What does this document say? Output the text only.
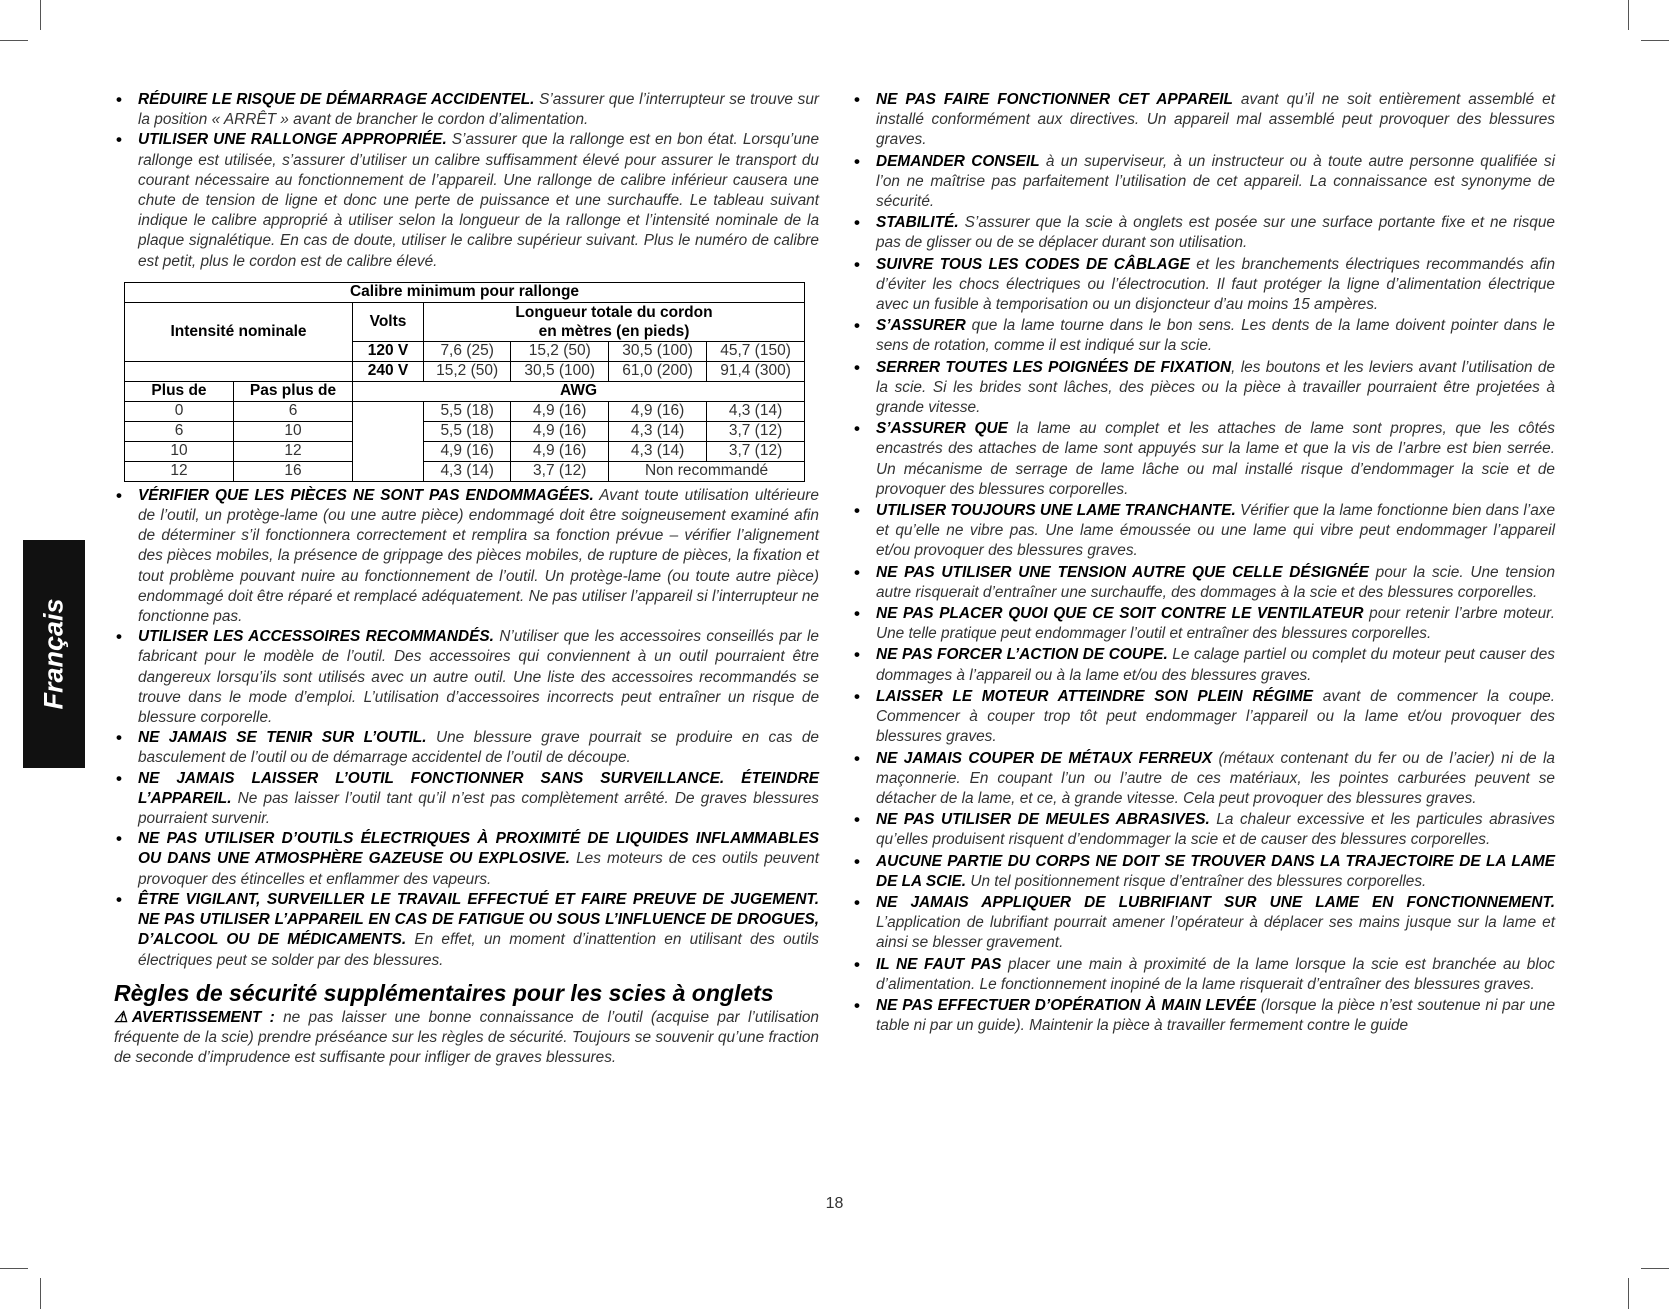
Français
• RÉDUIRE LE RISQUE DE DÉMARRAGE ACCIDENTEL. S’assurer que l’interrupteur se trouve sur la position « ARRÊT » avant de brancher le cordon d’alimentation.
• UTILISER UNE RALLONGE APPROPRIÉE. S’assurer que la rallonge est en bon état. Lorsqu’une rallonge est utilisée, s’assurer d’utiliser un calibre suffisamment élevé pour assurer le transport du courant nécessaire au fonctionnement de l’appareil. Une rallonge de calibre inférieur causera une chute de tension de ligne et donc une perte de puissance et une surchauffe. Le tableau suivant indique le calibre approprié à utiliser selon la longueur de la rallonge et l’intensité nominale de la plaque signalétique. En cas de doute, utiliser le calibre supérieur suivant. Plus le numéro de calibre est petit, plus le cordon est de calibre élevé.
Calibre minimum pour rallonge						
Intensité nominale		Volts	Longueur totale du cordon
en mètres (en pieds)			

		120 V	7,6 (25)	15,2 (50)	30,5 (100)	45,7 (150)
		240 V	15,2 (50)	30,5 (100)	61,0 (200)	91,4 (300)
Plus de	Pas plus de	AWG				
0	6		5,5 (18)	4,9 (16)	4,9 (16)	4,3 (14)
6	10		5,5 (18)	4,9 (16)	4,3 (14)	3,7 (12)
10	12		4,9 (16)	4,9 (16)	4,3 (14)	3,7 (12)
12	16		4,3 (14)	3,7 (12)	Non recommandé	
• VÉRIFIER QUE LES PIÈCES NE SONT PAS ENDOMMAGÉES. Avant toute utilisation ultérieure de l’outil, un protège-lame (ou une autre pièce) endommagé doit être soigneusement examiné afin de déterminer s’il fonctionnera correctement et remplira sa fonction prévue – vérifier l’alignement des pièces mobiles, la présence de grippage des pièces mobiles, de rupture de pièces, la fixation et tout problème pouvant nuire au fonctionnement de l’outil. Un protège-lame (ou toute autre pièce) endommagé doit être réparé et remplacé adéquatement. Ne pas utiliser l’appareil si l’interrupteur ne fonctionne pas.
• UTILISER LES ACCESSOIRES RECOMMANDÉS. N’utiliser que les accessoires conseillés par le fabricant pour le modèle de l’outil. Des accessoires qui conviennent à un outil pourraient être dangereux lorsqu’ils sont utilisés avec un autre outil. Une liste des accessoires recommandés se trouve dans le mode d’emploi. L’utilisation d’accessoires incorrects peut entraîner un risque de blessure corporelle.
• NE JAMAIS SE TENIR SUR L’OUTIL. Une blessure grave pourrait se produire en cas de basculement de l’outil ou de démarrage accidentel de l’outil de découpe.
• NE JAMAIS LAISSER L’OUTIL FONCTIONNER SANS SURVEILLANCE. ÉTEINDRE L’APPAREIL. Ne pas laisser l’outil tant qu’il n’est pas complètement arrêté. De graves blessures pourraient survenir.
• NE PAS UTILISER D’OUTILS ÉLECTRIQUES À PROXIMITÉ DE LIQUIDES INFLAMMABLES OU DANS UNE ATMOSPHÈRE GAZEUSE OU EXPLOSIVE. Les moteurs de ces outils peuvent provoquer des étincelles et enflammer des vapeurs.
• ÊTRE VIGILANT, SURVEILLER LE TRAVAIL EFFECTUÉ ET FAIRE PREUVE DE JUGEMENT. NE PAS UTILISER L’APPAREIL EN CAS DE FATIGUE OU SOUS L’INFLUENCE DE DROGUES, D’ALCOOL OU DE MÉDICAMENTS. En effet, un moment d’inattention en utilisant des outils électriques peut se solder par des blessures.
Règles de sécurité supplémentaires pour les scies à onglets

⚠AVERTISSEMENT : ne pas laisser une bonne connaissance de l’outil (acquise par l’utilisation fréquente de la scie) prendre préséance sur les règles de sécurité. Toujours se souvenir qu’une fraction de seconde d’imprudence est suffisante pour infliger de graves blessures.

• NE PAS FAIRE FONCTIONNER CET APPAREIL avant qu’il ne soit entièrement assemblé et installé conformément aux directives. Un appareil mal assemblé peut provoquer des blessures graves.
• DEMANDER CONSEIL à un superviseur, à un instructeur ou à toute autre personne qualifiée si l’on ne maîtrise pas parfaitement l’utilisation de cet appareil. La connaissance est synonyme de sécurité.
• STABILITÉ. S’assurer que la scie à onglets est posée sur une surface portante fixe et ne risque pas de glisser ou de se déplacer durant son utilisation.
• SUIVRE TOUS LES CODES DE CÂBLAGE et les branchements électriques recommandés afin d’éviter les chocs électriques ou l’électrocution. Il faut protéger la ligne d’alimentation électrique avec un fusible à temporisation ou un disjoncteur d’au moins 15 ampères.
• S’ASSURER que la lame tourne dans le bon sens. Les dents de la lame doivent pointer dans le sens de rotation, comme il est indiqué sur la scie.
• SERRER TOUTES LES POIGNÉES DE FIXATION, les boutons et les leviers avant l’utilisation de la scie. Si les brides sont lâches, des pièces ou la pièce à travailler pourraient être projetées à grande vitesse.
• S’ASSURER QUE la lame au complet et les attaches de lame sont propres, que les côtés encastrés des attaches de lame sont appuyés sur la lame et que la vis de l’arbre est bien serrée. Un mécanisme de serrage de lame lâche ou mal installé risque d’endommager la scie et de provoquer des blessures corporelles.
• UTILISER TOUJOURS UNE LAME TRANCHANTE. Vérifier que la lame fonctionne bien dans l’axe et qu’elle ne vibre pas. Une lame émoussée ou une lame qui vibre peut endommager l’appareil et/ou provoquer des blessures graves.
• NE PAS UTILISER UNE TENSION AUTRE QUE CELLE DÉSIGNÉE pour la scie. Une tension autre risquerait d’entraîner une surchauffe, des dommages à la scie et des blessures corporelles.
• NE PAS PLACER QUOI QUE CE SOIT CONTRE LE VENTILATEUR pour retenir l’arbre moteur. Une telle pratique peut endommager l’outil et entraîner des blessures corporelles.
• NE PAS FORCER L’ACTION DE COUPE. Le calage partiel ou complet du moteur peut causer des dommages à l’appareil ou à la lame et/ou des blessures graves.
• LAISSER LE MOTEUR ATTEINDRE SON PLEIN RÉGIME avant de commencer la coupe. Commencer à couper trop tôt peut endommager l’appareil ou la lame et/ou provoquer des blessures graves.
• NE JAMAIS COUPER DE MÉTAUX FERREUX (métaux contenant du fer ou de l’acier) ni de la maçonnerie. En coupant l’un ou l’autre de ces matériaux, les pointes carburées peuvent se détacher de la lame, et ce, à grande vitesse. Cela peut provoquer des blessures graves.
• NE PAS UTILISER DE MEULES ABRASIVES. La chaleur excessive et les particules abrasives qu’elles produisent risquent d’endommager la scie et de causer des blessures corporelles.
• AUCUNE PARTIE DU CORPS NE DOIT SE TROUVER DANS LA TRAJECTOIRE DE LA LAME DE LA SCIE. Un tel positionnement risque d’entraîner des blessures corporelles.
• NE JAMAIS APPLIQUER DE LUBRIFIANT SUR UNE LAME EN FONCTIONNEMENT. L’application de lubrifiant pourrait amener l’opérateur à déplacer ses mains jusque sur la lame et ainsi se blesser gravement.
• IL NE FAUT PAS placer une main à proximité de la lame lorsque la scie est branchée au bloc d’alimentation. Le fonctionnement inopiné de la lame risquerait d’entraîner des blessures graves.
• NE PAS EFFECTUER D’OPÉRATION À MAIN LEVÉE (lorsque la pièce n’est soutenue ni par une table ni par un guide). Maintenir la pièce à travailler fermement contre le guide
18
